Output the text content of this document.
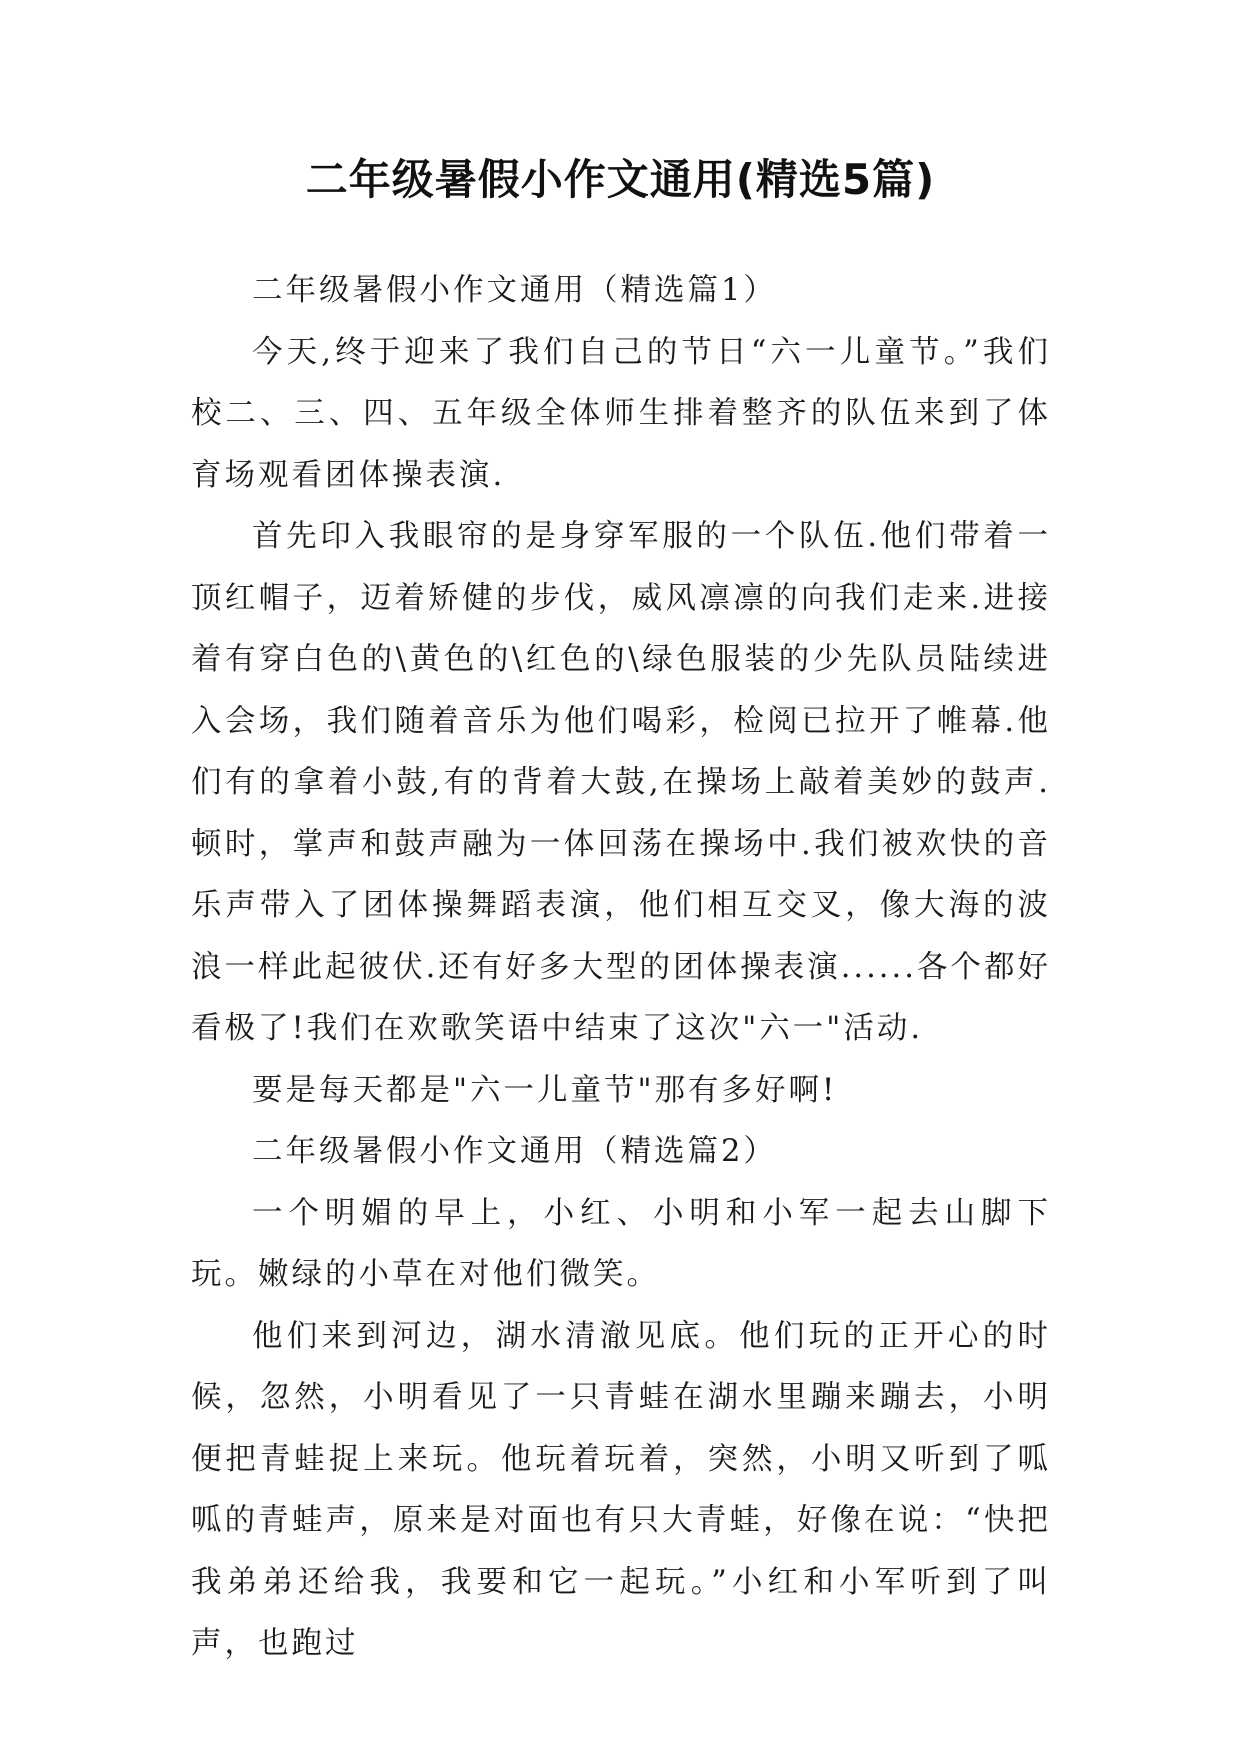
二年级暑假小作文通用(精选5篇)

二年级暑假小作文通用（精选篇1）

今天,终于迎来了我们自己的节日“六一儿童节。”我们校二、三、四、五年级全体师生排着整齐的队伍来到了体育场观看团体操表演.

首先印入我眼帘的是身穿军服的一个队伍.他们带着一顶红帽子，迈着矫健的步伐，威风凛凛的向我们走来.进接着有穿白色的\黄色的\红色的\绿色服装的少先队员陆续进入会场，我们随着音乐为他们喝彩，检阅已拉开了帷幕.他们有的拿着小鼓,有的背着大鼓,在操场上敲着美妙的鼓声.顿时，掌声和鼓声融为一体回荡在操场中.我们被欢快的音乐声带入了团体操舞蹈表演，他们相互交叉，像大海的波浪一样此起彼伏.还有好多大型的团体操表演......各个都好看极了!我们在欢歌笑语中结束了这次"六一"活动.

要是每天都是"六一儿童节"那有多好啊!

二年级暑假小作文通用（精选篇2）

一个明媚的早上，小红、小明和小军一起去山脚下玩。嫩绿的小草在对他们微笑。

他们来到河边，湖水清澈见底。他们玩的正开心的时候，忽然，小明看见了一只青蛙在湖水里蹦来蹦去，小明便把青蛙捉上来玩。他玩着玩着，突然，小明又听到了呱呱的青蛙声，原来是对面也有只大青蛙，好像在说：“快把我弟弟还给我，我要和它一起玩。”小红和小军听到了叫声，也跑过
